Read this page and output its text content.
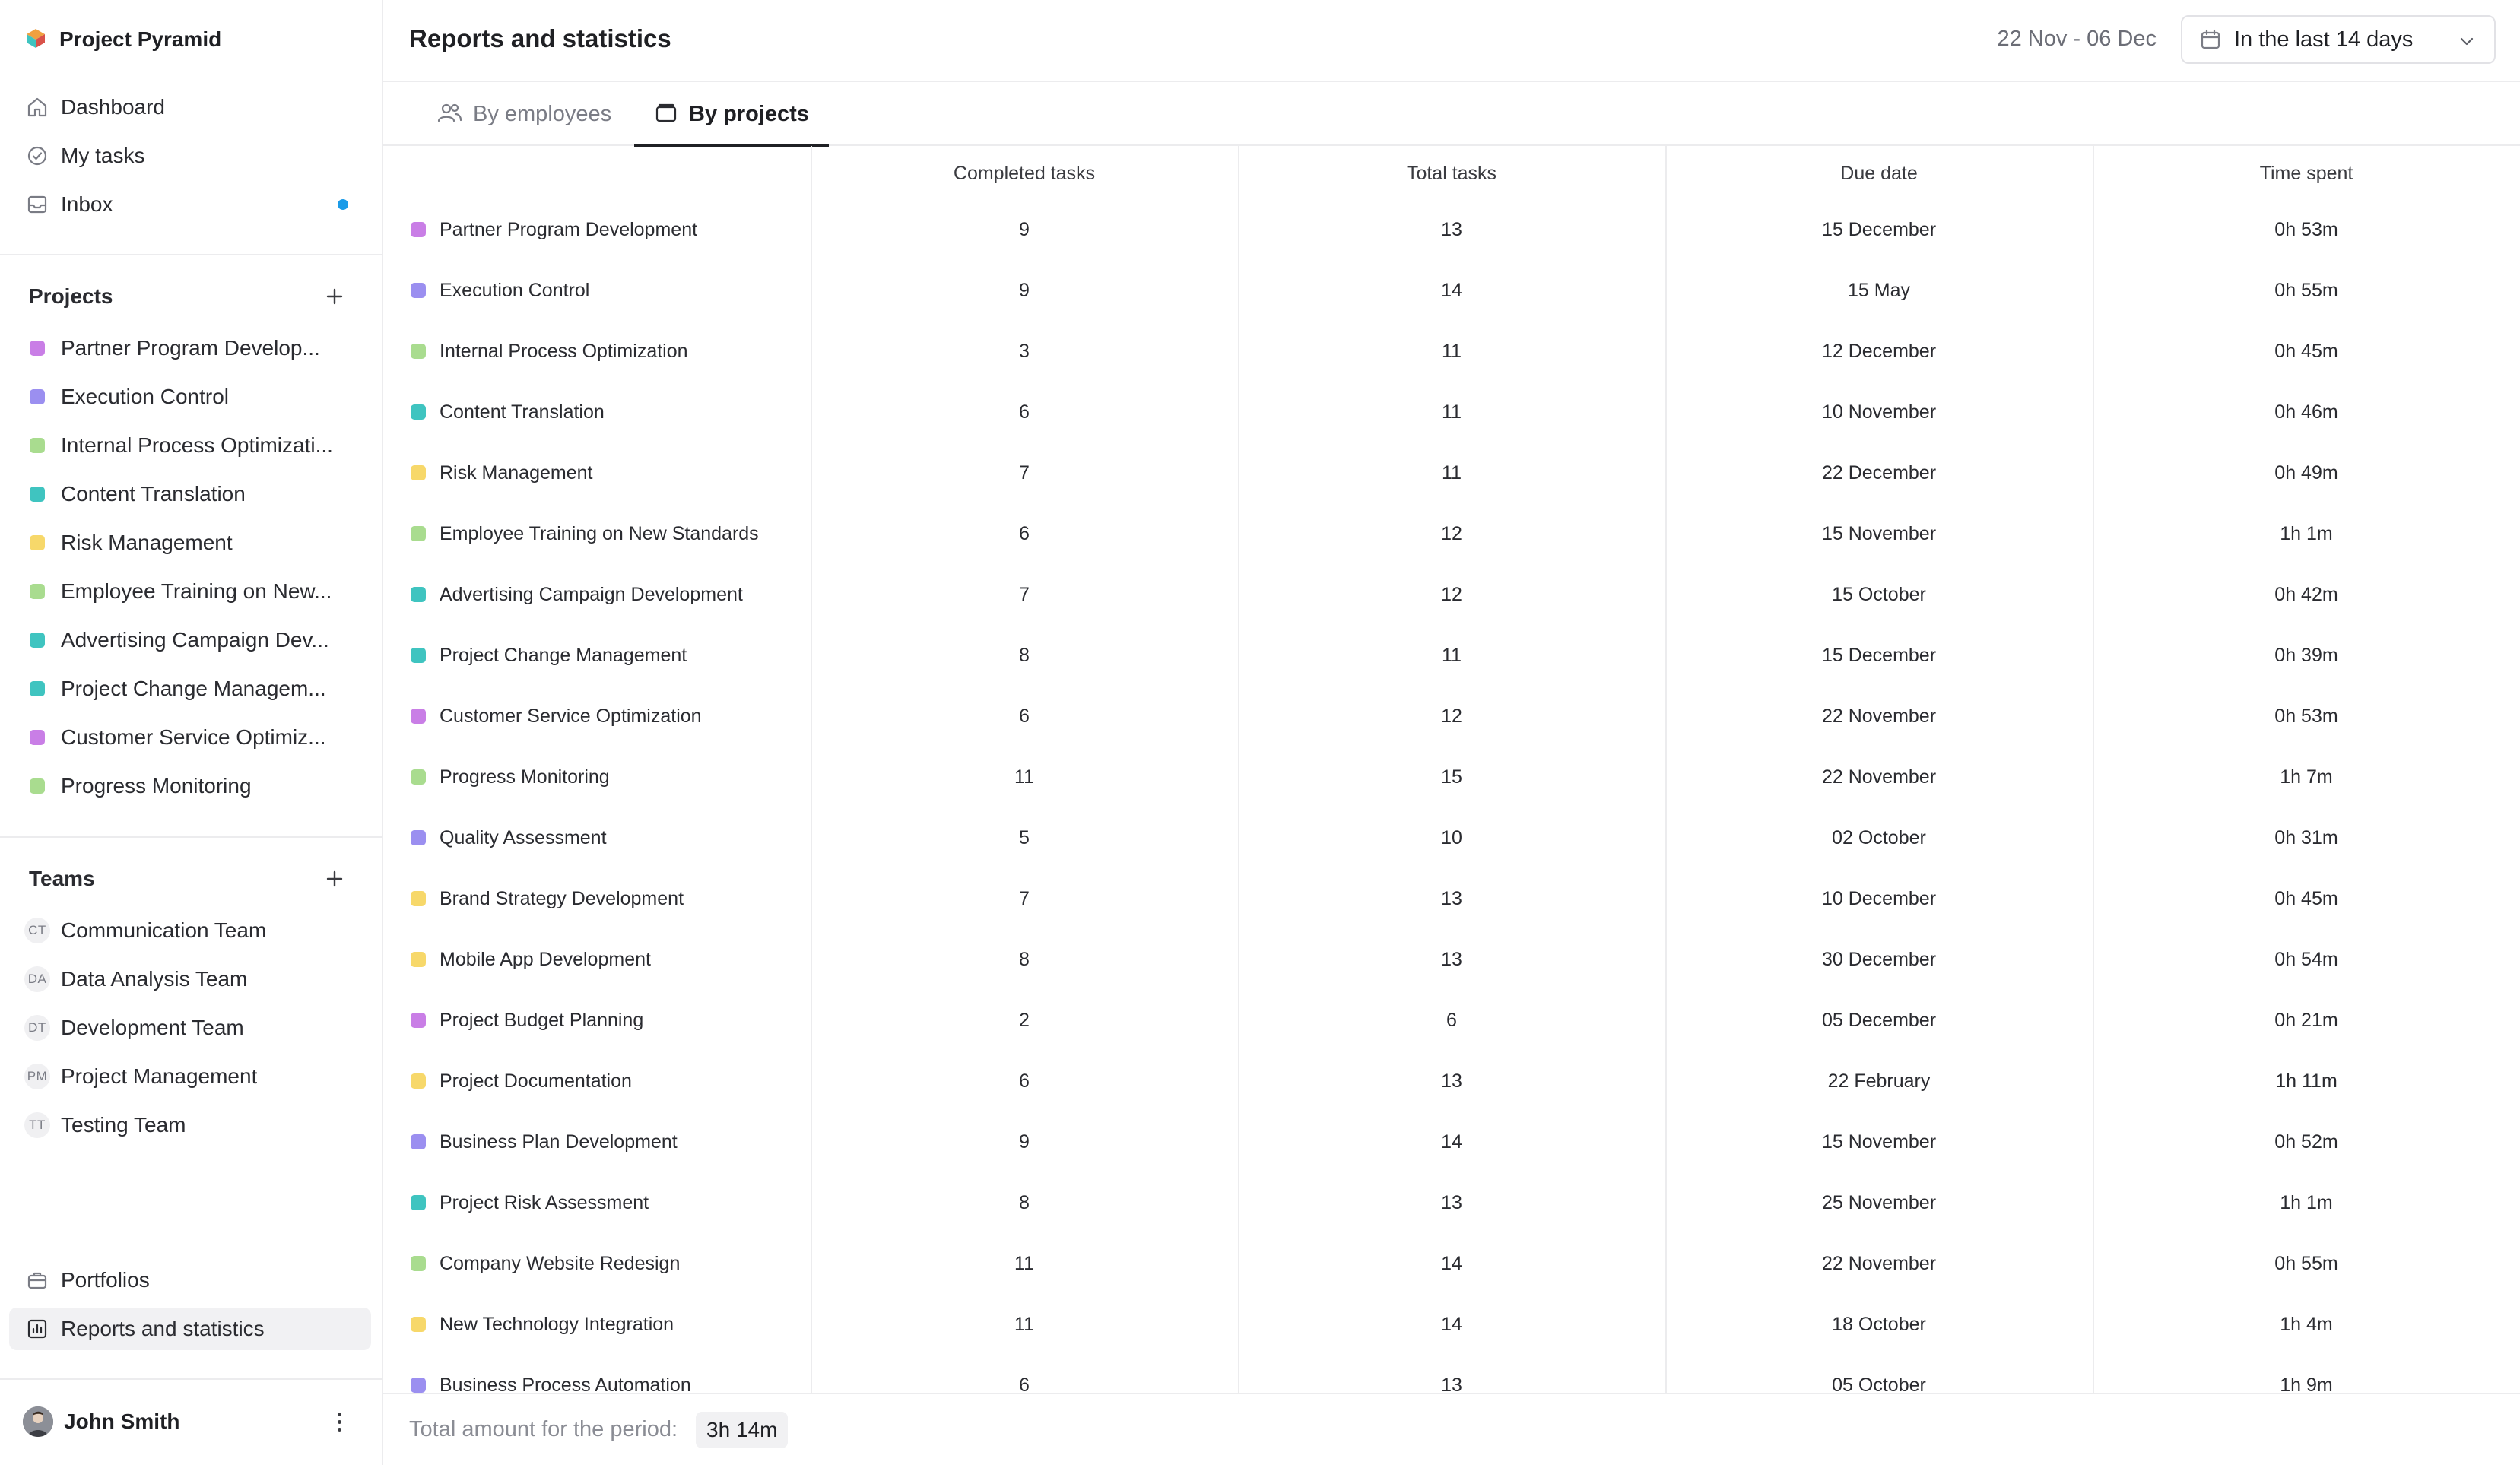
Project Pyramid
Dashboard
My tasks
Inbox
Projects
Partner Program Develop...
Execution Control
Internal Process Optimizati...
Content Translation
Risk Management
Employee Training on New...
Advertising Campaign Dev...
Project Change Managem...
Customer Service Optimiz...
Progress Monitoring
Teams
CT Communication Team
DA Data Analysis Team
DT Development Team
PM Project Management
TT Testing Team
Portfolios
Reports and statistics
John Smith
Reports and statistics	22 Nov - 06 Dec	In the last 14 days
By employees	By projects
Completed tasks	Total tasks	Due date	Time spent
Partner Program Development	9	13	15 December	0h 53m
Execution Control	9	14	15 May	0h 55m
Internal Process Optimization	3	11	12 December	0h 45m
Content Translation	6	11	10 November	0h 46m
Risk Management	7	11	22 December	0h 49m
Employee Training on New Standards	6	12	15 November	1h 1m
Advertising Campaign Development	7	12	15 October	0h 42m
Project Change Management	8	11	15 December	0h 39m
Customer Service Optimization	6	12	22 November	0h 53m
Progress Monitoring	11	15	22 November	1h 7m
Quality Assessment	5	10	02 October	0h 31m
Brand Strategy Development	7	13	10 December	0h 45m
Mobile App Development	8	13	30 December	0h 54m
Project Budget Planning	2	6	05 December	0h 21m
Project Documentation	6	13	22 February	1h 11m
Business Plan Development	9	14	15 November	0h 52m
Project Risk Assessment	8	13	25 November	1h 1m
Company Website Redesign	11	14	22 November	0h 55m
New Technology Integration	11	14	18 October	1h 4m
Business Process Automation	6	13	05 October	1h 9m
Total amount for the period:	3h 14m
